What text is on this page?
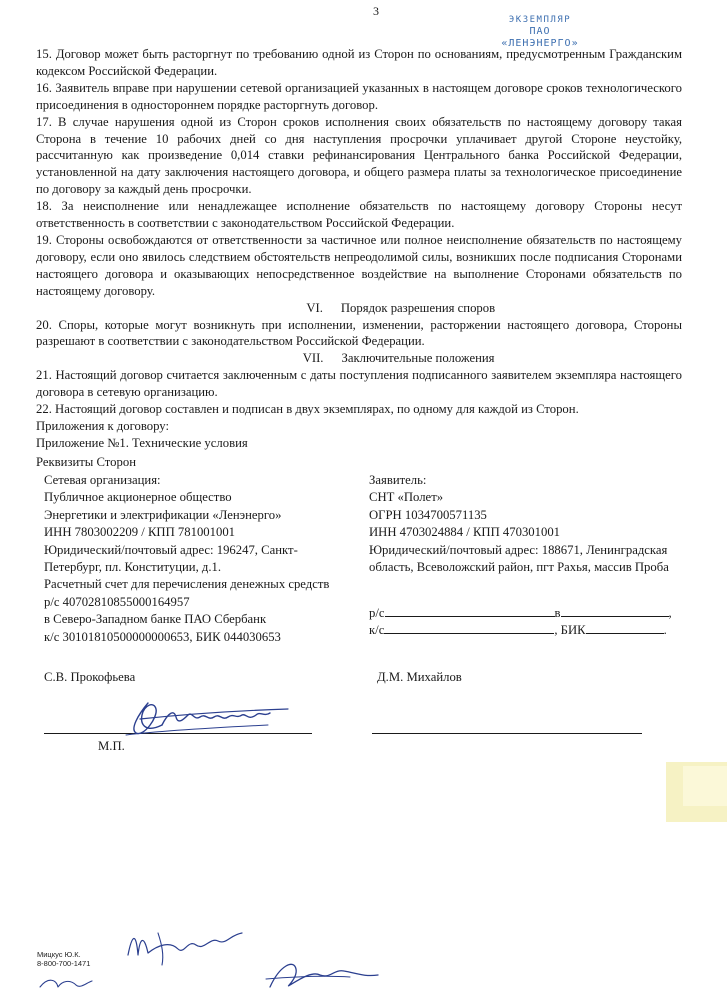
3
ЭКЗЕМПЛЯР
ПАО «ЛЕНЭНЕРГО»

15. Договор может быть расторгнут по требованию одной из Сторон по основаниям, предусмотренным Гражданским кодексом Российской Федерации.

16. Заявитель вправе при нарушении сетевой организацией указанных в настоящем договоре сроков технологического присоединения в одностороннем порядке расторгнуть договор.

17. В случае нарушения одной из Сторон сроков исполнения своих обязательств по настоящему договору такая Сторона в течение 10 рабочих дней со дня наступления просрочки уплачивает другой Стороне неустойку, рассчитанную как произведение 0,014 ставки рефинансирования Центрального банка Российской Федерации, установленной на дату заключения настоящего договора, и общего размера платы за технологическое присоединение по договору за каждый день просрочки.

18. За неисполнение или ненадлежащее исполнение обязательств по настоящему договору Стороны несут ответственность в соответствии с законодательством Российской Федерации.

19. Стороны освобождаются от ответственности за частичное или полное неисполнение обязательств по настоящему договору, если оно явилось следствием обстоятельств непреодолимой силы, возникших после подписания Сторонами настоящего договора и оказывающих непосредственное воздействие на выполнение Сторонами обязательств по настоящему договору.

VI. Порядок разрешения споров

20. Споры, которые могут возникнуть при исполнении, изменении, расторжении настоящего договора, Стороны разрешают в соответствии с законодательством Российской Федерации.

VII. Заключительные положения

21. Настоящий договор считается заключенным с даты поступления подписанного заявителем экземпляра настоящего договора в сетевую организацию.

22. Настоящий договор составлен и подписан в двух экземплярах, по одному для каждой из Сторон.

Приложения к договору:

Приложение №1. Технические условия

Реквизиты Сторон

Сетевая организация:

Публичное акционерное общество

Энергетики и электрификации «Ленэнерго»

ИНН 7803002209 / КПП 781001001

Юридический/почтовый адрес: 196247, Санкт-Петербург, пл. Конституции, д.1.

Расчетный счет для перечисления денежных средств

р/с 40702810855000164957

в Северо-Западном банке ПАО Сбербанк

к/с 30101810500000000653, БИК 044030653

Заявитель:

СНТ «Полет»

ОГРН 1034700571135

ИНН 4703024884 / КПП 470301001

Юридический/почтовый адрес: 188671, Ленинградская область, Всеволожский район, пгт Рахья, массив Проба

р/с	в	,
к/с	, БИК	.
С.В. Прокофьева	Д.М. Михайлов
М.П.
Мицкус Ю.К.
8-800-700-1471
